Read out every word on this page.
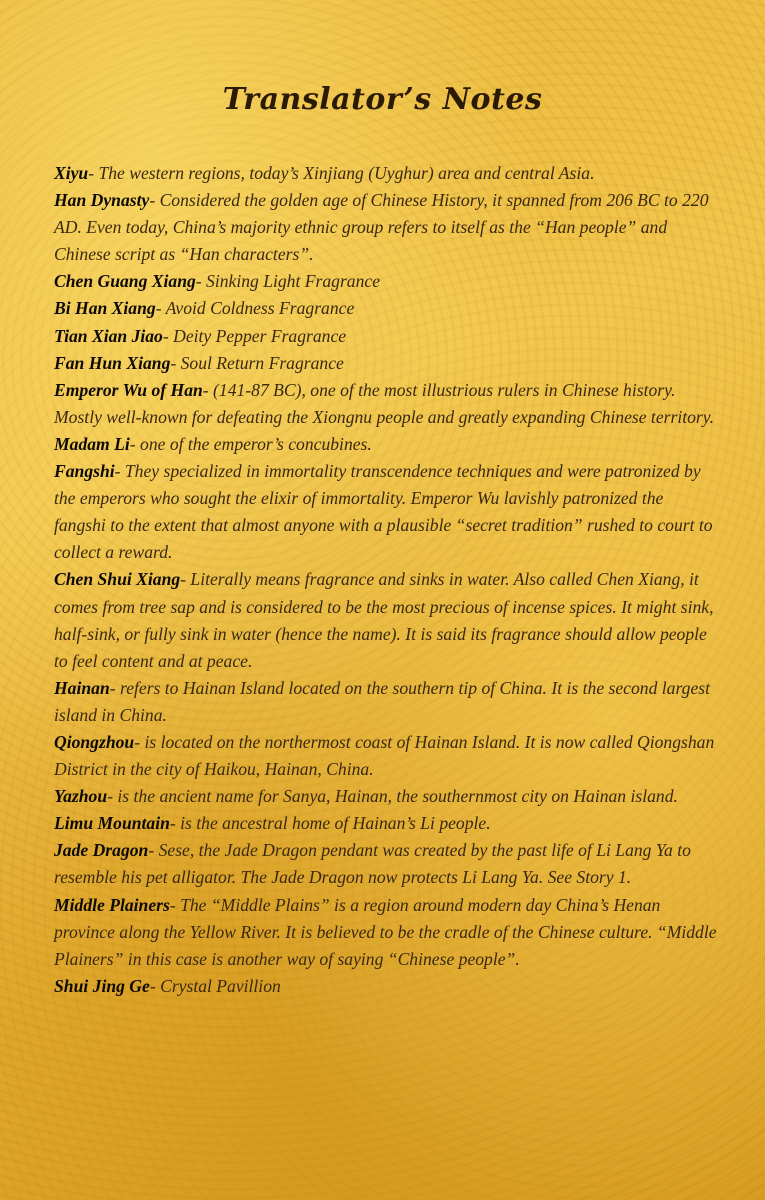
Translator’s Notes

Xiyu- The western regions, today’s Xinjiang (Uyghur) area and central Asia.

Han Dynasty- Considered the golden age of Chinese History, it spanned from 206 BC to 220 AD. Even today, China’s majority ethnic group refers to itself as the “Han people” and Chinese script as “Han characters”.

Chen Guang Xiang- Sinking Light Fragrance

Bi Han Xiang- Avoid Coldness Fragrance

Tian Xian Jiao- Deity Pepper Fragrance

Fan Hun Xiang- Soul Return Fragrance

Emperor Wu of Han- (141-87 BC), one of the most illustrious rulers in Chinese history. Mostly well-known for defeating the Xiongnu people and greatly expanding Chinese territory.

Madam Li- one of the emperor’s concubines.

Fangshi- They specialized in immortality transcendence techniques and were patronized by the emperors who sought the elixir of immortality. Emperor Wu lavishly patronized the fangshi to the extent that almost anyone with a plausible “secret tradition” rushed to court to collect a reward.

Chen Shui Xiang- Literally means fragrance and sinks in water. Also called Chen Xiang, it comes from tree sap and is considered to be the most precious of incense spices. It might sink, half-sink, or fully sink in water (hence the name). It is said its fragrance should allow people to feel content and at peace.

Hainan- refers to Hainan Island located on the southern tip of China. It is the second largest island in China.

Qiongzhou- is located on the northermost coast of Hainan Island. It is now called Qiongshan District in the city of Haikou, Hainan, China.

Yazhou- is the ancient name for Sanya, Hainan, the southernmost city on Hainan island.

Limu Mountain- is the ancestral home of Hainan’s Li people.

Jade Dragon- Sese, the Jade Dragon pendant was created by the past life of Li Lang Ya to resemble his pet alligator. The Jade Dragon now protects Li Lang Ya. See Story 1.

Middle Plainers- The “Middle Plains” is a region around modern day China’s Henan province along the Yellow River. It is believed to be the cradle of the Chinese culture. “Middle Plainers” in this case is another way of saying “Chinese people”.

Shui Jing Ge- Crystal Pavillion
